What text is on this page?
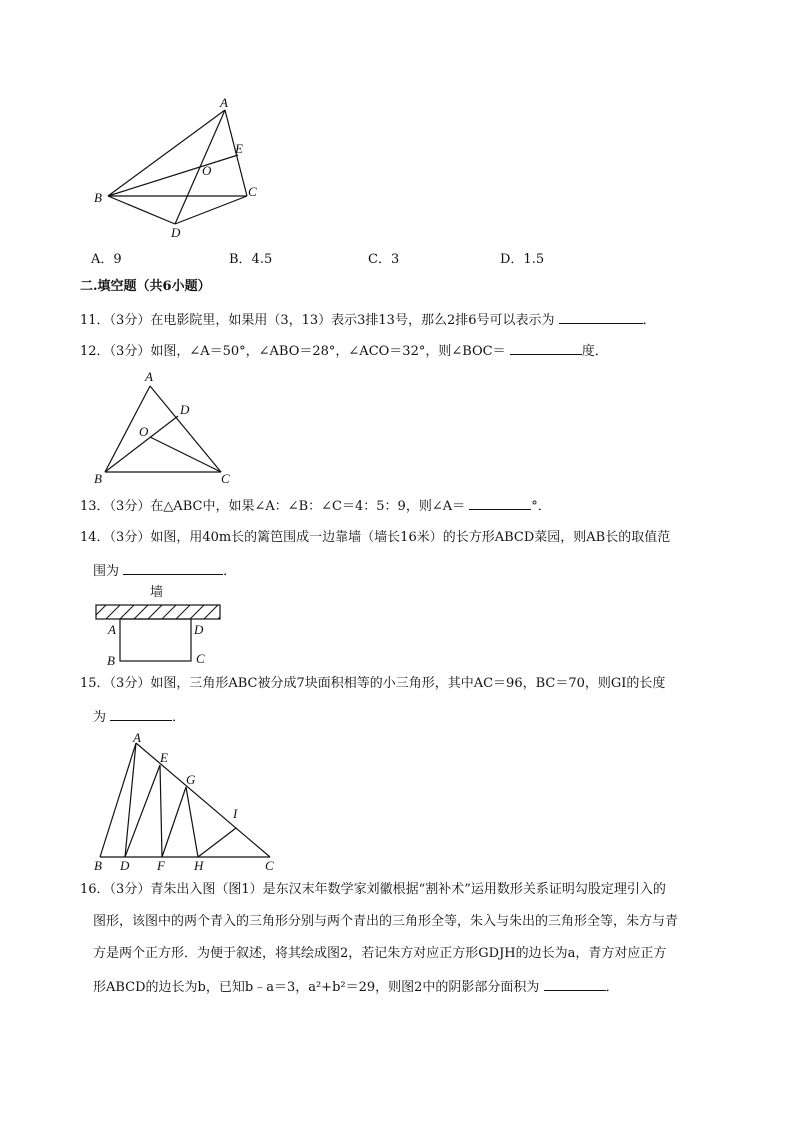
A
E
O
B	C
D
A．9	B．4.5	C．3	D．1.5
二.填空题（共6小题）
11．（3分）在电影院里，如果用（3，13）表示3排13号，那么2排6号可以表示为	．
12．（3分）如图，∠A＝50°，∠ABO＝28°，∠ACO＝32°，则∠BOC＝	度．
A
D
O
B	C
13．（3分）在△ABC中，如果∠A：∠B：∠C＝4：5：9，则∠A＝	°．
14．（3分）如图，用40m长的篱笆围成一边靠墙（墙长16米）的长方形ABCD菜园，则AB长的取值范
围为	．
墙
A	D
B	C
15．（3分）如图，三角形ABC被分成7块面积相等的小三角形，其中AC＝96，BC＝70，则GI的长度
为	．
A
E
G
I
B D F H	C
16．（3分）青朱出入图（图1）是东汉末年数学家刘徽根据“割补术”运用数形关系证明勾股定理引入的
图形，该图中的两个青入的三角形分别与两个青出的三角形全等，朱入与朱出的三角形全等，朱方与青
方是两个正方形．为便于叙述，将其绘成图2，若记朱方对应正方形GDJH的边长为a，青方对应正方
形ABCD的边长为b，已知b﹣a＝3，a²+b²＝29，则图2中的阴影部分面积为	．
